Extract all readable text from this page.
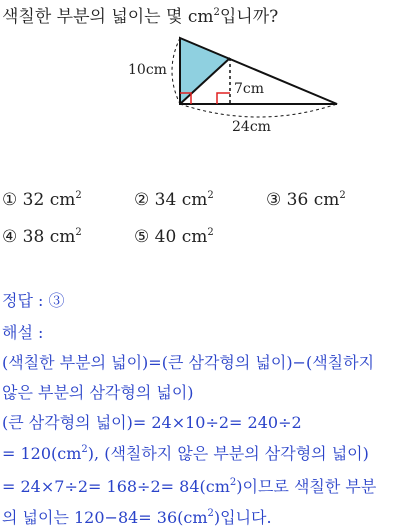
색칠한 부분의 넓이는 몇 $cm^2$입니까?
10cm
7cm
24cm
① 32 $cm^2$	② 34 $cm^2$	③ 36 $cm^2$
④ 38 $cm^2$	⑤ 40 $cm^2$
정답 : ③
해설 :
(색칠한 부분의 넓이)=(큰 삼각형의 넓이)−(색칠하지
않은 부분의 삼각형의 넓이)
(큰 삼각형의 넓이)= 24×10÷2= 240÷2
= $120(cm^2)$, (색칠하지 않은 부분의 삼각형의 넓이)
= $24\times 7\div 2= 168\div 2= 84(cm^2)$이므로 색칠한 부분
의 넓이는 $120-84= 36(cm^2)$입니다.
